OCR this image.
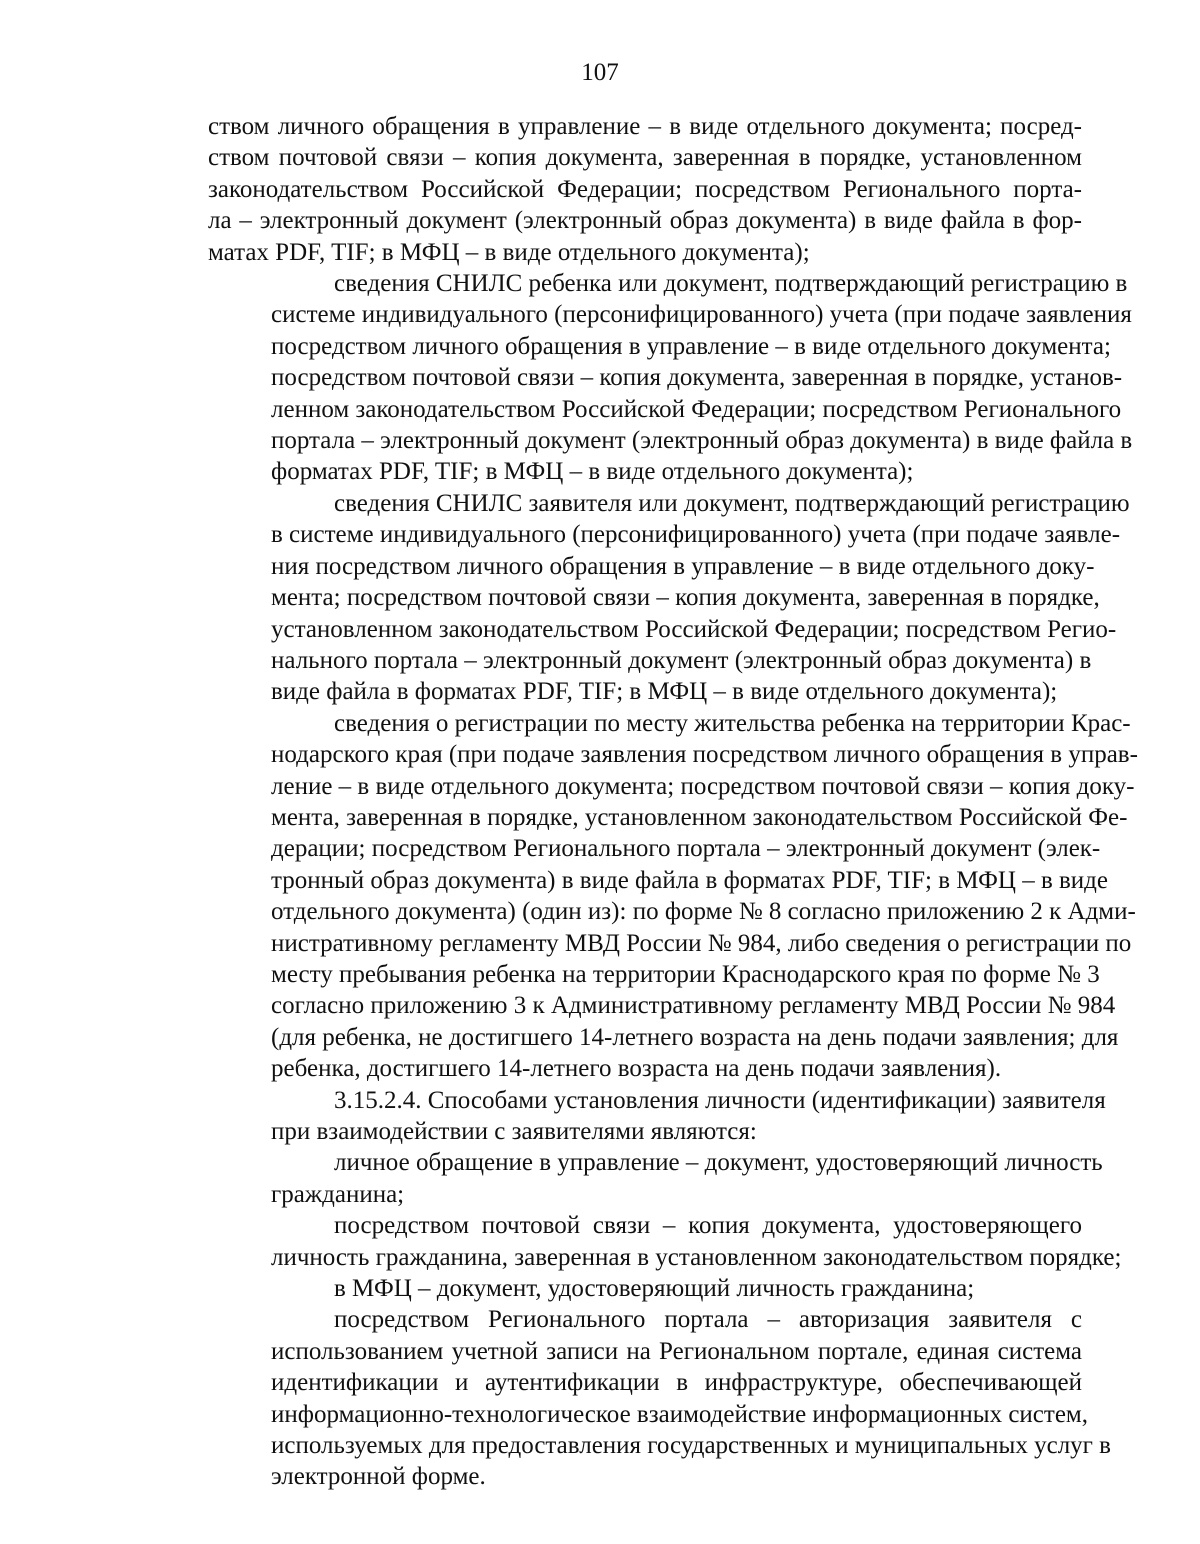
107
ством личного обращения в управление – в виде отдельного документа; посред-
ством почтовой связи – копия документа, заверенная в порядке, установленном
законодательством Российской Федерации; посредством Регионального порта-
ла – электронный документ (электронный образ документа) в виде файла в фор-
матах PDF, TIF; в МФЦ – в виде отдельного документа);
сведения СНИЛС ребенка или документ, подтверждающий регистрацию в
системе индивидуального (персонифицированного) учета (при подаче заявления
посредством личного обращения в управление – в виде отдельного документа;
посредством почтовой связи – копия документа, заверенная в порядке, установ-
ленном законодательством Российской Федерации; посредством Регионального
портала – электронный документ (электронный образ документа) в виде файла в
форматах PDF, TIF; в МФЦ – в виде отдельного документа);
сведения СНИЛС заявителя или документ, подтверждающий регистрацию
в системе индивидуального (персонифицированного) учета (при подаче заявле-
ния посредством личного обращения в управление – в виде отдельного доку-
мента; посредством почтовой связи – копия документа, заверенная в порядке,
установленном законодательством Российской Федерации; посредством Регио-
нального портала – электронный документ (электронный образ документа) в
виде файла в форматах PDF, TIF; в МФЦ – в виде отдельного документа);
сведения о регистрации по месту жительства ребенка на территории Крас-
нодарского края (при подаче заявления посредством личного обращения в управ-
ление – в виде отдельного документа; посредством почтовой связи – копия доку-
мента, заверенная в порядке, установленном законодательством Российской Фе-
дерации; посредством Регионального портала – электронный документ (элек-
тронный образ документа) в виде файла в форматах PDF, TIF; в МФЦ – в виде
отдельного документа) (один из): по форме № 8 согласно приложению 2 к Адми-
нистративному регламенту МВД России № 984, либо сведения о регистрации по
месту пребывания ребенка на территории Краснодарского края по форме № 3
согласно приложению 3 к Административному регламенту МВД России № 984
(для ребенка, не достигшего 14-летнего возраста на день подачи заявления; для
ребенка, достигшего 14-летнего возраста на день подачи заявления).
3.15.2.4. Способами установления личности (идентификации) заявителя
при взаимодействии с заявителями являются:
личное обращение в управление – документ, удостоверяющий личность
гражданина;
посредством почтовой связи – копия документа, удостоверяющего
личность гражданина, заверенная в установленном законодательством порядке;
в МФЦ – документ, удостоверяющий личность гражданина;
посредством Регионального портала – авторизация заявителя с
использованием учетной записи на Региональном портале, единая система
идентификации и аутентификации в инфраструктуре, обеспечивающей
информационно-технологическое взаимодействие информационных систем,
используемых для предоставления государственных и муниципальных услуг в
электронной форме.
